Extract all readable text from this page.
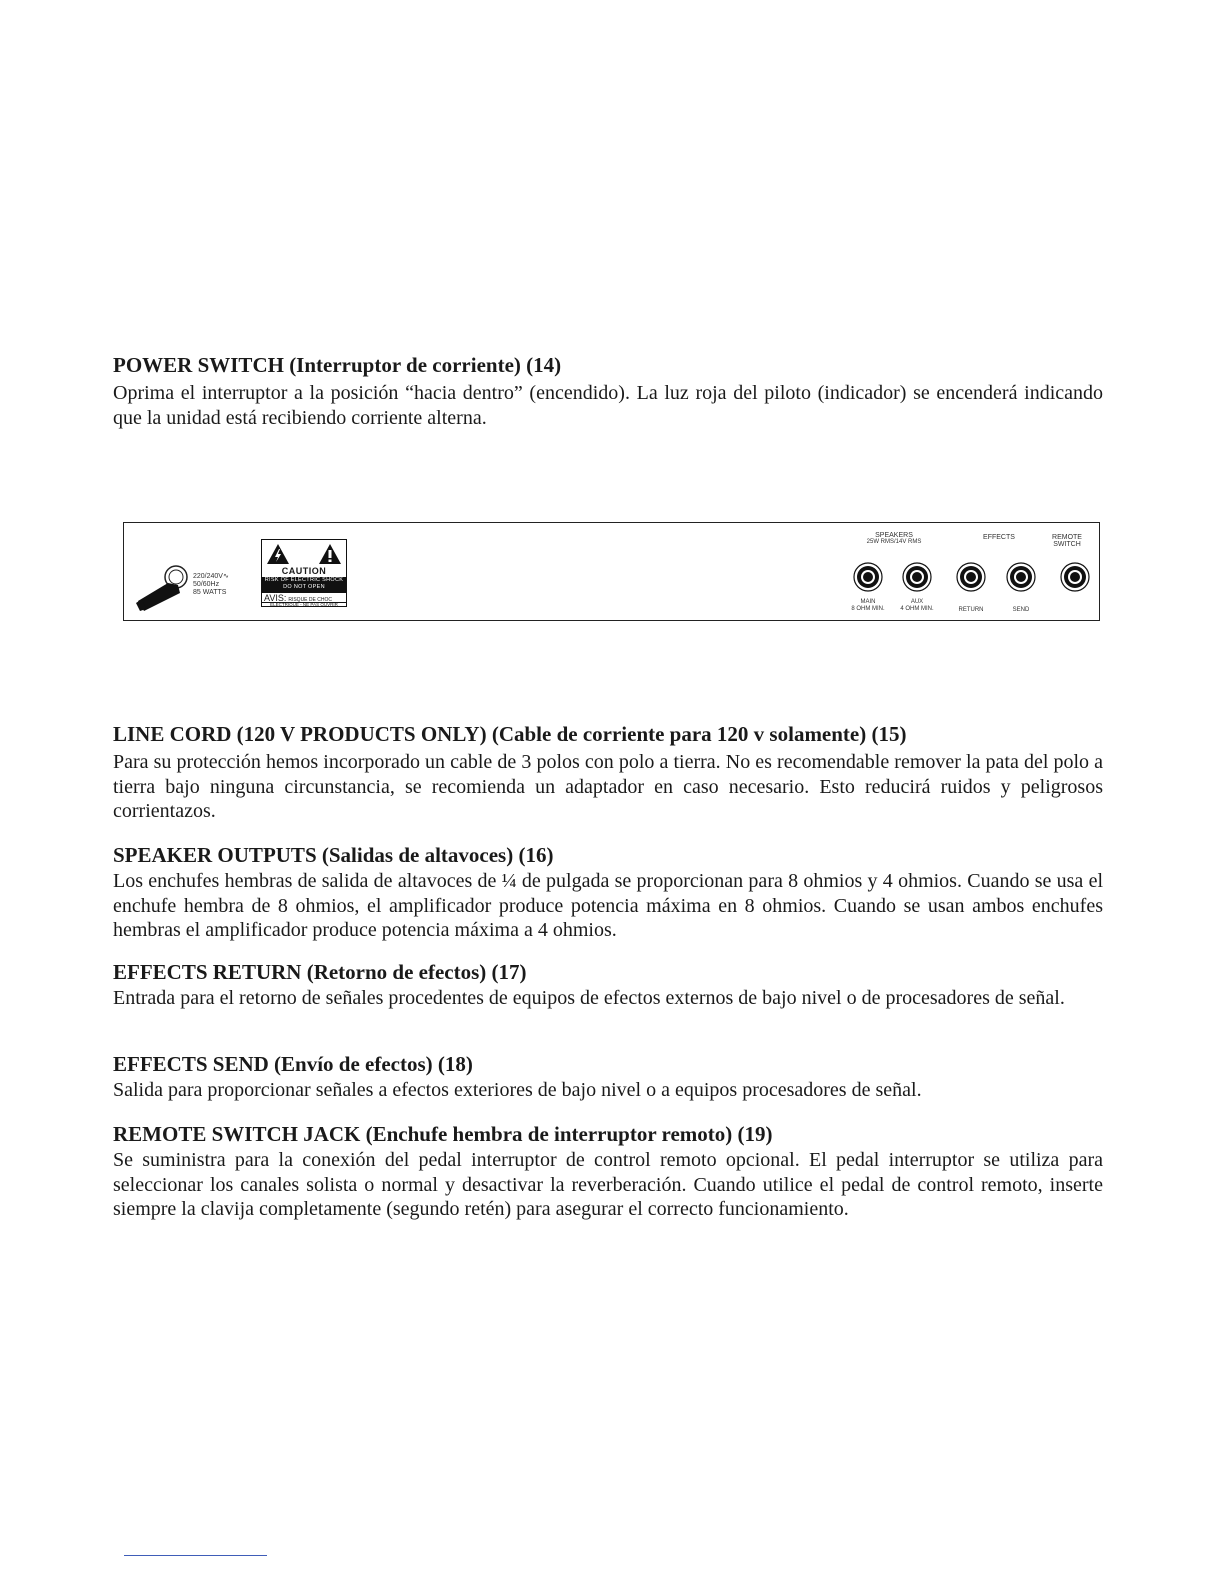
POWER SWITCH (Interruptor de corriente) (14)

Oprima el interruptor a la posición “hacia dentro” (encendido). La luz roja del piloto (indicador) se encenderá indicando que la unidad está recibiendo corriente alterna.

220/240V∿
50/60Hz
85 WATTS
CAUTION
RISK OF ELECTRIC SHOCK
DO NOT OPEN
AVIS: RISQUE DE CHOC
ELECTRIQUE - NE PAS OUVRIR
SPEAKERS
25W RMS/14V RMS
EFFECTS	REMOTE
SWITCH
MAIN
8 OHM MIN.
AUX
4 OHM MIN.	RETURN	SEND

LINE CORD (120 V PRODUCTS ONLY) (Cable de corriente para 120 v solamente) (15)

Para su protección hemos incorporado un cable de 3 polos con polo a tierra. No es recomendable remover la pata del polo a tierra bajo ninguna circunstancia, se recomienda un adaptador en caso necesario. Esto reducirá ruidos y peligrosos corrientazos.

SPEAKER OUTPUTS (Salidas de altavoces) (16)

Los enchufes hembras de salida de altavoces de ¼ de pulgada se proporcionan para 8 ohmios y 4 ohmios. Cuando se usa el enchufe hembra de 8 ohmios, el amplificador produce potencia máxima en 8 ohmios. Cuando se usan ambos enchufes hembras el amplificador produce potencia máxima a 4 ohmios.

EFFECTS RETURN (Retorno de efectos) (17)

Entrada para el retorno de señales procedentes de equipos de efectos externos de bajo nivel o de procesadores de señal.

EFFECTS SEND (Envío de efectos) (18)

Salida para proporcionar señales a efectos exteriores de bajo nivel o a equipos procesadores de señal.

REMOTE SWITCH JACK (Enchufe hembra de interruptor remoto) (19)

Se suministra para la conexión del pedal interruptor de control remoto opcional. El pedal interruptor se utiliza para seleccionar los canales solista o normal y desactivar la reverberación. Cuando utilice el pedal de control remoto, inserte siempre la clavija completamente (segundo retén) para asegurar el correcto funcionamiento.
